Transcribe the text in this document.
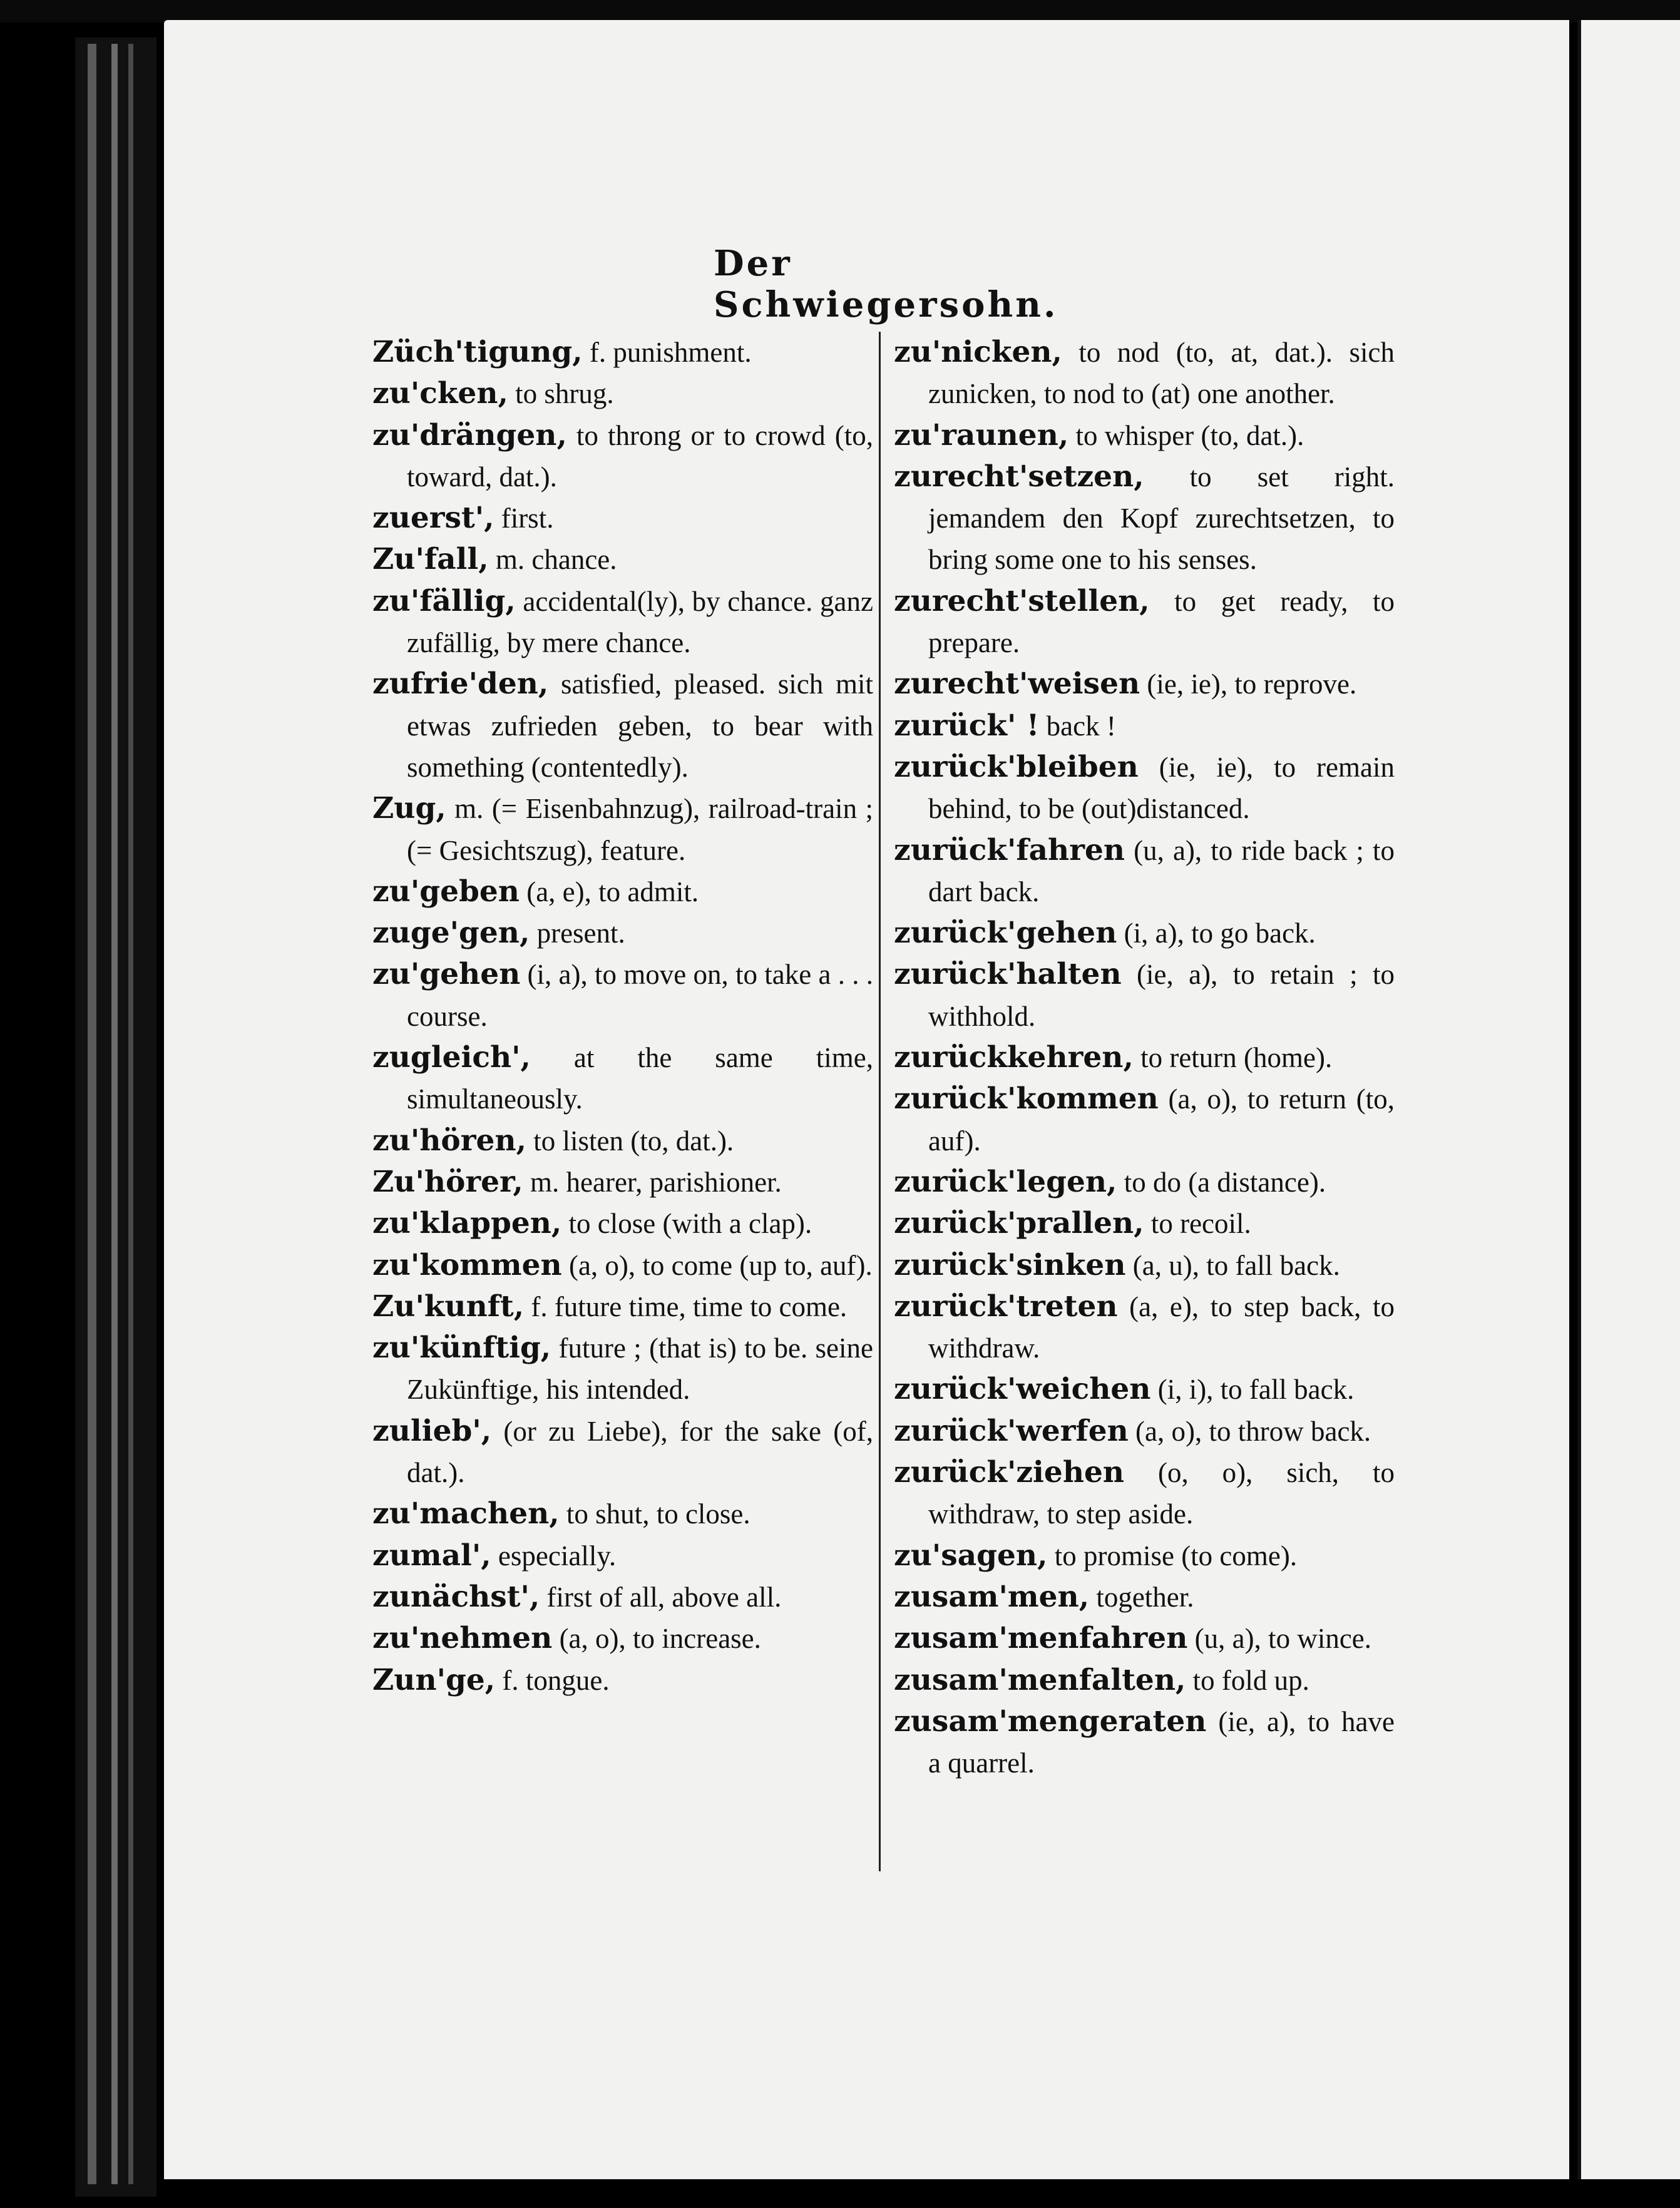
Der Schwiegersohn.

Züch'tigung, f. punishment.

zu'cken, to shrug.

zu'drängen, to throng or to crowd (to, toward, dat.).

zuerst', first.

Zu'fall, m. chance.

zu'fällig, accidental(ly), by chance. ganz zufällig, by mere chance.

zufrie'den, satisfied, pleased. sich mit etwas zufrieden geben, to bear with something (contentedly).

Zug, m. (= Eisenbahnzug), railroad-train ; (= Gesichtszug), feature.

zu'geben (a, e), to admit.

zuge'gen, present.

zu'gehen (i, a), to move on, to take a . . . course.

zugleich', at the same time, simultaneously.

zu'hören, to listen (to, dat.).

Zu'hörer, m. hearer, parishioner.

zu'klappen, to close (with a clap).

zu'kommen (a, o), to come (up to, auf).

Zu'kunft, f. future time, time to come.

zu'künftig, future ; (that is) to be. seine Zukünftige, his intended.

zulieb', (or zu Liebe), for the sake (of, dat.).

zu'machen, to shut, to close.

zumal', especially.

zunächst', first of all, above all.

zu'nehmen (a, o), to increase.

Zun'ge, f. tongue.

zu'nicken, to nod (to, at, dat.). sich zunicken, to nod to (at) one another.

zu'raunen, to whisper (to, dat.).

zurecht'setzen, to set right. jemandem den Kopf zurechtsetzen, to bring some one to his senses.

zurecht'stellen, to get ready, to prepare.

zurecht'weisen (ie, ie), to reprove.

zurück' ! back !

zurück'bleiben (ie, ie), to remain behind, to be (out)distanced.

zurück'fahren (u, a), to ride back ; to dart back.

zurück'gehen (i, a), to go back.

zurück'halten (ie, a), to retain ; to withhold.

zurückkehren, to return (home).

zurück'kommen (a, o), to return (to, auf).

zurück'legen, to do (a distance).

zurück'prallen, to recoil.

zurück'sinken (a, u), to fall back.

zurück'treten (a, e), to step back, to withdraw.

zurück'weichen (i, i), to fall back.

zurück'werfen (a, o), to throw back.

zurück'ziehen (o, o), sich, to withdraw, to step aside.

zu'sagen, to promise (to come).

zusam'men, together.

zusam'menfahren (u, a), to wince.

zusam'menfalten, to fold up.

zusam'mengeraten (ie, a), to have a quarrel.
